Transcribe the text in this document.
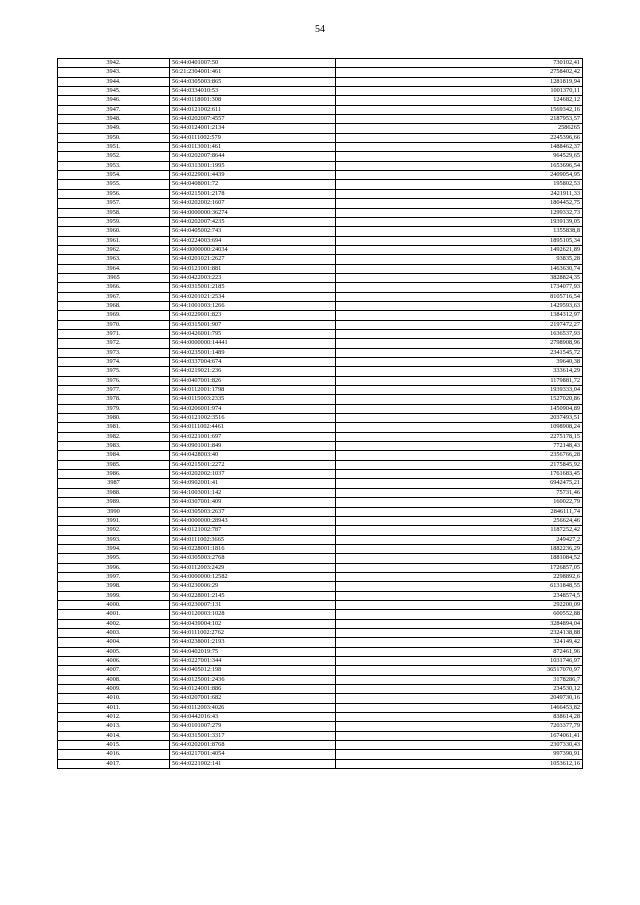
54
3942.	56:44:0401007:50	730102,41
3943.	56:21:2304001:461	2758402,42
3944.	56:44:0305003:865	1281819,94
3945.	56:44:0334010:53	1001370,11
3946.	56:44:0118001:308	124682,12
3947.	56:44:0121002:611	1569342,16
3948.	56:44:0202007:4557	2187953,57
3949.	56:44:0124001:2134	2586265
3950.	56:44:0111002:579	2245396,66
3951.	56:44:0113001:461	1488462,37
3952.	56:44:0202007:8644	964529,65
3953.	56:44:0313001:1995	1653696,54
3954.	56:44:0229001:4439	2409054,95
3955.	56:44:0408001:72	195802,53
3956.	56:44:0215001:2178	2421911,33
3957.	56:44:0202002:1607	1804452,75
3958.	56:44:0000000:36274	1299332,73
3959.	56:44:0202007:4235	1939139,05
3960.	56:44:0405002:743	1355838,8
3961.	56:44:0224003:694	1895105,34
3962.	56:44:0000000:24034	1492621,89
3963.	56:44:0201021:2627	93835,28
3964.	56:44:0121001:881	1463630,74
3965	56:44:0422003:223	3828824,35
3966.	56:44:0315001:2185	1734077,93
3967.	56:44:0201021:2534	8105716,54
3968.	56:44:1001003:1266	1429593,63
3969.	56:44:0229001:823	1384312,97
3970.	56:44:0315001:907	2197472,27
3971.	56:44:0426001:795	1636537,93
3972.	56:44:0000000:14441	2798908,96
3973.	56:44:0235001:1489	2341545,72
3974.	56:44:0337004:674	39640,38
3975.	56:44:0219021:236	333614,29
3976.	56:44:0407001:826	1179881,72
3977.	56:44:0112001:1798	1939333,04
3978.	56:44:0115003:2335	1527020,86
3979.	56:44:0206001:974	1450904,89
3980.	56:44:0121002:3516	2037493,51
3981.	56:44:0111002:4461	1098908,24
3982.	56:44:0221001:697	2275178,15
3983.	56:44:0901001:849	772148,43
3984.	56:44:0428003:40	2356766,28
3985.	56:44:0215001:2272	2175845,92
3986.	56:44:0202002:1037	1761683,45
3987	56:44:0902001:41	6942475,21
3988.	56:44:1003001:142	75731,46
3989.	56:44:0307001:409	160022,79
3990	56:44:0305003:2637	2846111,74
3991.	56:44:0000000:28943	256624,46
3992.	56:44:0121002:787	1187252,42
3993.	56:44:0111002:3665	249427,2
3994.	56:44:0228001:1816	1882236,29
3995.	56:44:0305003:2768	1881084,52
3996.	56:44:0112003:2429	1726857,05
3997.	56:44:0000000:12582	2298892,6
3998.	56:44:0230006:29	6131848,55
3999.	56:44:0228001:2145	2348574,5
4000.	56:44:0230007:131	292200,09
4001.	56:44:0120003:1028	600552,88
4002.	56:44:0439004:102	3284894,04
4003.	56:44:0111002:2762	2324138,88
4004.	56:44:0238001:2193	324149,42
4005.	56:44:0402019:75	872461,96
4006.	56:44:0227001:344	1031746,97
4007.	56:44:0405012:198	36517070,97
4008.	56:44:0125001:2436	3178286,7
4009.	56:44:0124001:886	234530,12
4010.	56:44:0207001:682	2049730,16
4011.	56:44:0112003:4026	1466453,82
4012.	56:44:0442016:43	838614,28
4013.	56:44:0101007:279	7203377,79
4014.	56:44:0315001:3317	1674061,41
4015.	56:44:0202001:8768	2307330,43
4016.	56:44:0217001:4054	997390,91
4017.	56:44:0221002:141	1053612,16
